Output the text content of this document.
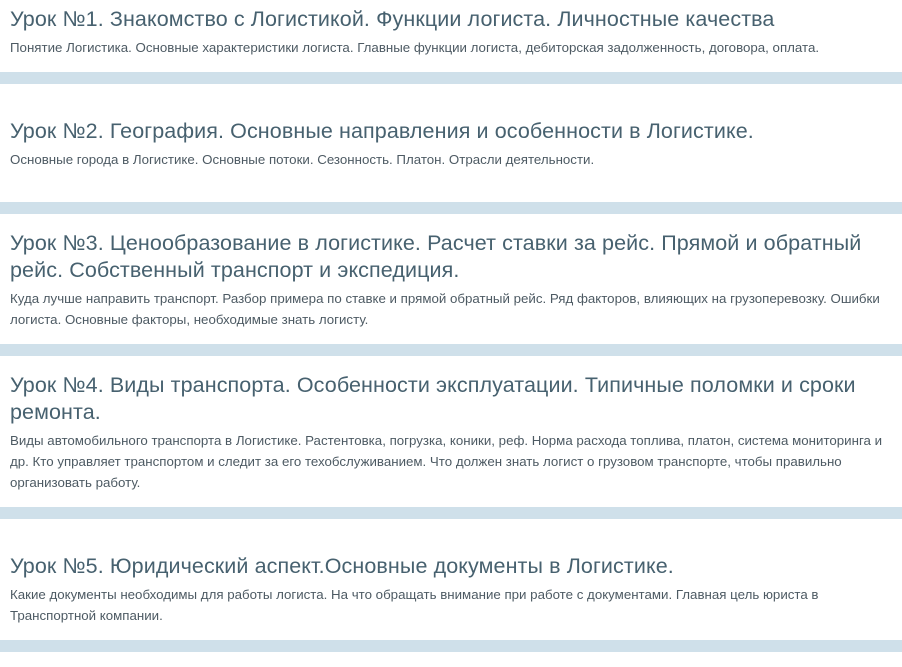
Урок №1. Знакомство с Логистикой. Функции логиста. Личностные качества
Понятие Логистика. Основные характеристики логиста. Главные функции логиста, дебиторская задолженность, договора, оплата.
Урок №2. География. Основные направления и особенности в Логистике.
Основные города в Логистике. Основные потоки. Сезонность. Платон. Отрасли деятельности.
Урок №3. Ценообразование в логистике. Расчет ставки за рейс. Прямой и обратный рейс. Собственный транспорт и экспедиция.
Куда лучше направить транспорт. Разбор примера по ставке и прямой обратный рейс. Ряд факторов, влияющих на грузоперевозку. Ошибки логиста. Основные факторы, необходимые знать логисту.
Урок №4. Виды транспорта. Особенности эксплуатации. Типичные поломки и сроки ремонта.
Виды автомобильного транспорта в Логистике. Растентовка, погрузка, коники, реф. Норма расхода топлива, платон, система мониторинга и др. Кто управляет транспортом и следит за его техобслуживанием. Что должен знать логист о грузовом транспорте, чтобы правильно организовать работу.
Урок №5. Юридический аспект.Основные документы в Логистике.
Какие документы необходимы для работы логиста. На что обращать внимание при работе с документами. Главная цель юриста в Транспортной компании.
